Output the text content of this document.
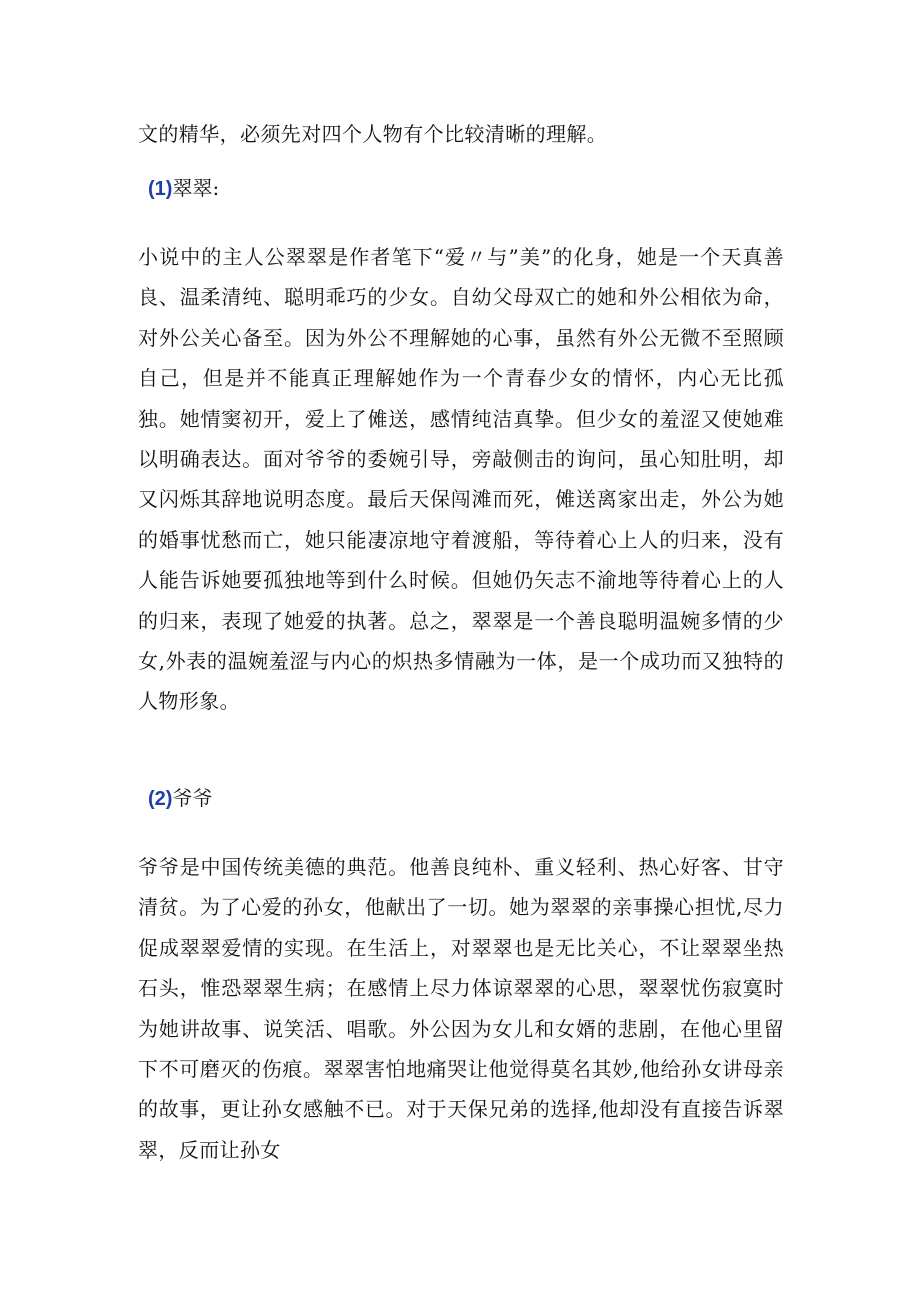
文的精华，必须先对四个人物有个比较清晰的理解。
(1)翠翠:
小说中的主人公翠翠是作者笔下“爱〃与”美”的化身，她是一个天真善良、温柔清纯、聪明乖巧的少女。自幼父母双亡的她和外公相依为命，对外公关心备至。因为外公不理解她的心事，虽然有外公无微不至照顾自己，但是并不能真正理解她作为一个青春少女的情怀，内心无比孤独。她情窦初开，爱上了傩送，感情纯洁真挚。但少女的羞涩又使她难以明确表达。面对爷爷的委婉引导，旁敲侧击的询问，虽心知肚明，却又闪烁其辞地说明态度。最后天保闯滩而死，傩送离家出走，外公为她的婚事忧愁而亡，她只能凄凉地守着渡船，等待着心上人的归来，没有人能告诉她要孤独地等到什么时候。但她仍矢志不渝地等待着心上的人的归来，表现了她爱的执著。总之，翠翠是一个善良聪明温婉多情的少女,外表的温婉羞涩与内心的炽热多情融为一体，是一个成功而又独特的人物形象。
(2)爷爷
爷爷是中国传统美德的典范。他善良纯朴、重义轻利、热心好客、甘守清贫。为了心爱的孙女，他献出了一切。她为翠翠的亲事操心担忧,尽力促成翠翠爱情的实现。在生活上，对翠翠也是无比关心，不让翠翠坐热石头，惟恐翠翠生病；在感情上尽力体谅翠翠的心思，翠翠忧伤寂寞时为她讲故事、说笑活、唱歌。外公因为女儿和女婿的悲剧，在他心里留下不可磨灭的伤痕。翠翠害怕地痛哭让他觉得莫名其妙,他给孙女讲母亲的故事，更让孙女感触不已。对于天保兄弟的选择,他却没有直接告诉翠翠，反而让孙女
